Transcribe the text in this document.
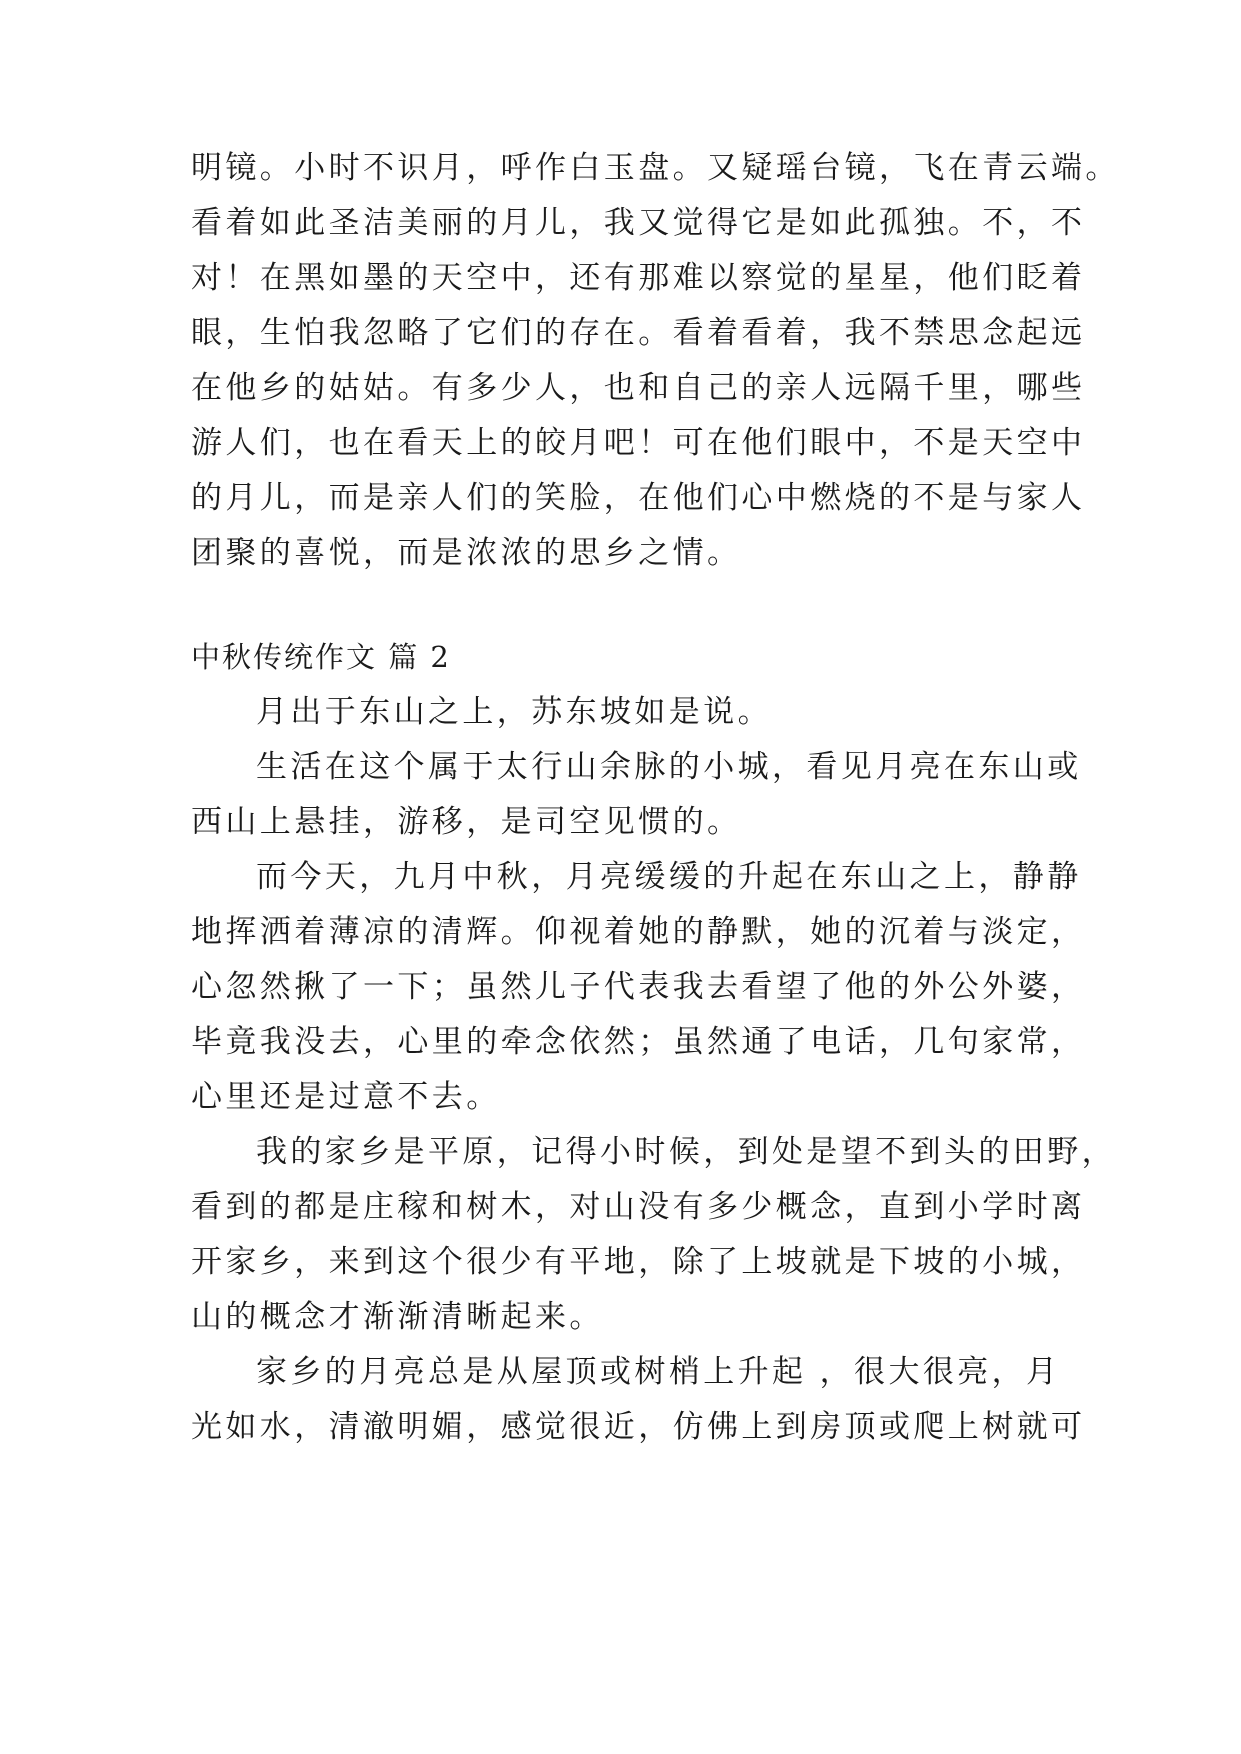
明镜。小时不识月，呼作白玉盘。又疑瑶台镜，飞在青云端。
看着如此圣洁美丽的月儿，我又觉得它是如此孤独。不，不
对！在黑如墨的天空中，还有那难以察觉的星星，他们眨着
眼，生怕我忽略了它们的存在。看着看着，我不禁思念起远
在他乡的姑姑。有多少人，也和自己的亲人远隔千里，哪些
游人们，也在看天上的皎月吧！可在他们眼中，不是天空中
的月儿，而是亲人们的笑脸，在他们心中燃烧的不是与家人
团聚的喜悦，而是浓浓的思乡之情。
中秋传统作文 篇 2
月出于东山之上，苏东坡如是说。
生活在这个属于太行山余脉的小城，看见月亮在东山或
西山上悬挂，游移，是司空见惯的。
而今天，九月中秋，月亮缓缓的升起在东山之上，静静
地挥洒着薄凉的清辉。仰视着她的静默，她的沉着与淡定，
心忽然揪了一下；虽然儿子代表我去看望了他的外公外婆，
毕竟我没去，心里的牵念依然；虽然通了电话，几句家常，
心里还是过意不去。
我的家乡是平原，记得小时候，到处是望不到头的田野，
看到的都是庄稼和树木，对山没有多少概念，直到小学时离
开家乡，来到这个很少有平地，除了上坡就是下坡的小城，
山的概念才渐渐清晰起来。
家乡的月亮总是从屋顶或树梢上升起 ，很大很亮，月
光如水，清澈明媚，感觉很近，仿佛上到房顶或爬上树就可
